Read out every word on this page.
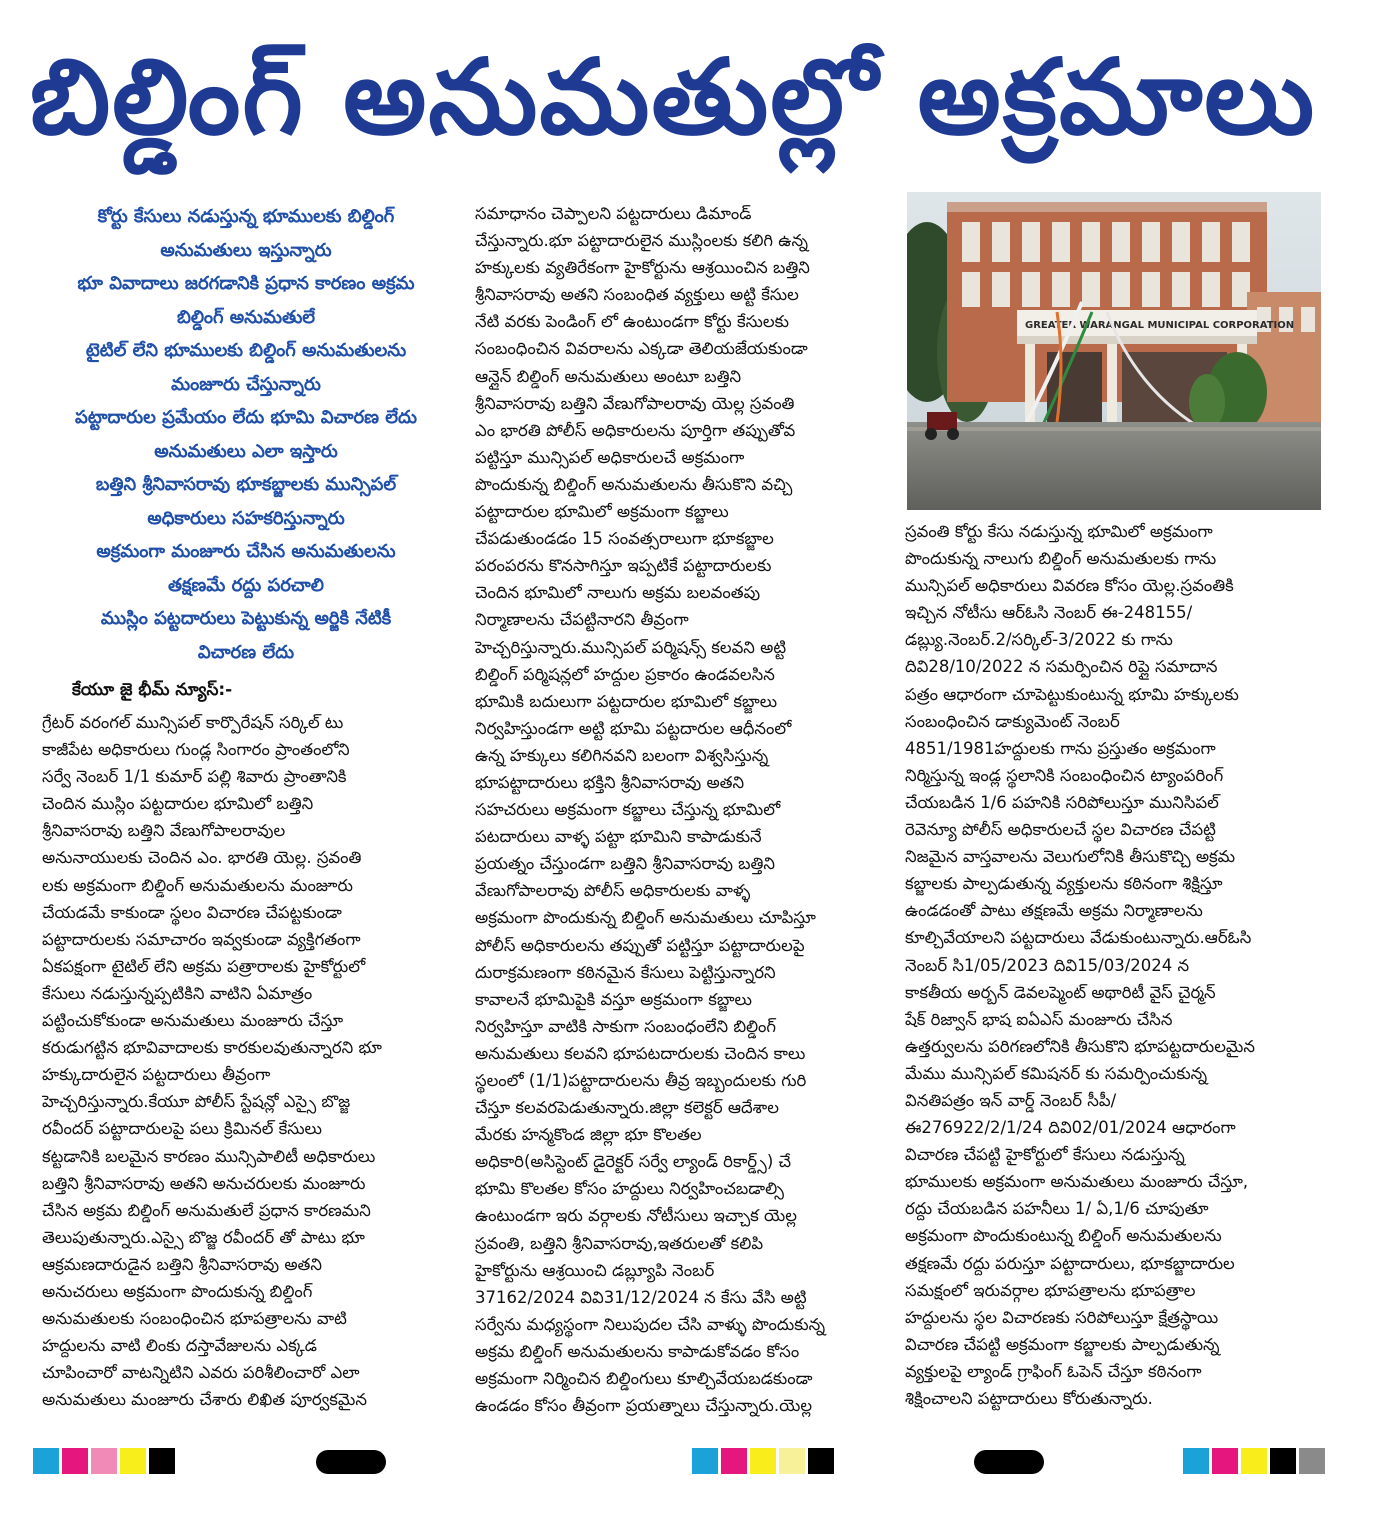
బిల్డింగ్ అనుమతుల్లో అక్రమాలు
కోర్టు కేసులు నడుస్తున్న భూములకు బిల్డింగ్
అనుమతులు ఇస్తున్నారు
భూ వివాదాలు జరగడానికి ప్రధాన కారణం అక్రమ
బిల్డింగ్ అనుమతులే
టైటిల్ లేని భూములకు బిల్డింగ్ అనుమతులను
మంజూరు చేస్తున్నారు
పట్టాదారుల ప్రమేయం లేదు భూమి విచారణ లేదు
అనుమతులు ఎలా ఇస్తారు
బత్తిని శ్రీనివాసరావు భూకబ్జాలకు మున్సిపల్
అధికారులు సహకరిస్తున్నారు
అక్రమంగా మంజూరు చేసిన అనుమతులను
తక్షణమే రద్దు పరచాలి
ముస్లిం పట్టదారులు పెట్టుకున్న అర్జికి నేటికీ
విచారణ లేదు
కేయూ జై భీమ్ న్యూస్:-
గ్రేటర్ వరంగల్ మున్సిపల్ కార్పొరేషన్ సర్కిల్ టు
కాజీపేట అధికారులు గుండ్ల సింగారం ప్రాంతంలోని
సర్వే నెంబర్ 1/1 కుమార్ పల్లి శివారు ప్రాంతానికి
చెందిన ముస్లిం పట్టదారుల భూమిలో బత్తిని
శ్రీనివాసరావు బత్తిని వేణుగోపాలరావుల
అనునాయులకు చెందిన ఎం. భారతి యెల్ల. స్రవంతి
లకు అక్రమంగా బిల్డింగ్ అనుమతులను మంజూరు
చేయడమే కాకుండా స్థలం విచారణ చేపట్టకుండా
పట్టాదారులకు సమాచారం ఇవ్వకుండా వ్యక్తిగతంగా
ఏకపక్షంగా టైటిల్ లేని అక్రమ పత్రారాలకు హైకోర్టులో
కేసులు నడుస్తున్నప్పటికిని వాటిని ఏమాత్రం
పట్టించుకోకుండా అనుమతులు మంజూరు చేస్తూ
కరుడుగట్టిన భూవివాదాలకు కారకులవుతున్నారని భూ
హక్కుదారులైన పట్టదారులు తీవ్రంగా
హెచ్చరిస్తున్నారు.కేయూ పోలీస్ స్టేషన్లో ఎస్సై బొజ్జ
రవీందర్ పట్టాదారులపై పలు క్రిమినల్ కేసులు
కట్టడానికి బలమైన కారణం మున్సిపాలిటీ అధికారులు
బత్తిని శ్రీనివాసరావు అతని అనుచరులకు మంజూరు
చేసిన అక్రమ బిల్డింగ్ అనుమతులే ప్రధాన కారణమని
తెలుపుతున్నారు.ఎస్సై బొజ్జ రవీందర్ తో పాటు భూ
ఆక్రమణదారుడైన బత్తిని శ్రీనివాసరావు అతని
అనుచరులు అక్రమంగా పొందుకున్న బిల్డింగ్
అనుమతులకు సంబంధించిన భూపత్రాలను వాటి
హద్దులను వాటి లింకు దస్తావేజులను ఎక్కడ
చూపించారో వాటన్నిటిని ఎవరు పరిశీలించారో ఎలా
అనుమతులు మంజూరు చేశారు లిఖిత పూర్వకమైన
సమాధానం చెప్పాలని పట్టదారులు డిమాండ్
చేస్తున్నారు.భూ పట్టాదారులైన ముస్లింలకు కలిగి ఉన్న
హక్కులకు వ్యతిరేకంగా హైకోర్టును ఆశ్రయించిన బత్తిని
శ్రీనివాసరావు అతని సంబంధిత వ్యక్తులు అట్టి కేసుల
నేటి వరకు పెండింగ్ లో ఉంటుండగా కోర్టు కేసులకు
సంబంధించిన వివరాలను ఎక్కడా తెలియజేయకుండా
ఆన్లైన్ బిల్డింగ్ అనుమతులు అంటూ బత్తిని
శ్రీనివాసరావు బత్తిని వేణుగోపాలరావు యెల్ల స్రవంతి
ఎం భారతి పోలీస్ అధికారులను పూర్తిగా తప్పుతోవ
పట్టిస్తూ మున్సిపల్ అధికారులచే అక్రమంగా
పొందుకున్న బిల్డింగ్ అనుమతులను తీసుకొని వచ్చి
పట్టాదారుల భూమిలో అక్రమంగా కబ్జాలు
చేపడుతుండడం 15 సంవత్సరాలుగా భూకబ్జాల
పరంపరను కొనసాగిస్తూ ఇప్పటికే పట్టాదారులకు
చెందిన భూమిలో నాలుగు అక్రమ బలవంతపు
నిర్మాణాలను చేపట్టినారని తీవ్రంగా
హెచ్చరిస్తున్నారు.మున్సిపల్ పర్మిషన్స్ కలవని అట్టి
బిల్డింగ్ పర్మిషన్లలో హద్దుల ప్రకారం ఉండవలసిన
భూమికి బదులుగా పట్టదారుల భూమిలో కబ్జాలు
నిర్వహిస్తుండగా అట్టి భూమి పట్టదారుల ఆధీనంలో
ఉన్న హక్కులు కలిగినవని బలంగా విశ్వసిస్తున్న
భూపట్టాదారులు భక్తిని శ్రీనివాసరావు అతని
సహచరులు అక్రమంగా కబ్జాలు చేస్తున్న భూమిలో
పటదారులు వాళ్ళ పట్టా భూమిని కాపాడుకునే
ప్రయత్నం చేస్తుండగా బత్తిని శ్రీనివాసరావు బత్తిని
వేణుగోపాలరావు పోలీస్ అధికారులకు వాళ్ళ
అక్రమంగా పొందుకున్న బిల్డింగ్ అనుమతులు చూపిస్తూ
పోలీస్ అధికారులను తప్పుతో పట్టిస్తూ పట్టాదారులపై
దురాక్రమణంగా కఠినమైన కేసులు పెట్టిస్తున్నారని
కావాలనే భూమిపైకి వస్తూ అక్రమంగా కబ్జాలు
నిర్వహిస్తూ వాటికి సాకుగా సంబంధంలేని బిల్డింగ్
అనుమతులు కలవని భూపటదారులకు చెందిన కాలు
స్థలంలో (1/1)పట్టాదారులను తీవ్ర ఇబ్బందులకు గురి
చేస్తూ కలవరపెడుతున్నారు.జిల్లా కలెక్టర్ ఆదేశాల
మేరకు హన్మకొండ జిల్లా భూ కొలతల
అధికారి(అసిస్టెంట్ డైరెక్టర్ సర్వే ల్యాండ్ రికార్డ్స్) చే
భూమి కొలతల కోసం హద్దులు నిర్వహించబడాల్సి
ఉంటుండగా ఇరు వర్గాలకు నోటీసులు ఇచ్చాక యెల్ల
స్రవంతి, బత్తిని శ్రీనివాసరావు,ఇతరులతో కలిపి
హైకోర్టును ఆశ్రయించి డబ్ల్యూపి నెంబర్
37162/2024 వివి31/12/2024 న కేసు వేసి అట్టి
సర్వేను మధ్యస్థంగా నిలుపుదల చేసి వాళ్ళు పొందుకున్న
అక్రమ బిల్డింగ్ అనుమతులను కాపాడుకోవడం కోసం
అక్రమంగా నిర్మించిన బిల్డింగులు కూల్చివేయబడకుండా
ఉండడం కోసం తీవ్రంగా ప్రయత్నాలు చేస్తున్నారు.యెల్ల
GREATER WARANGAL MUNICIPAL CORPORATION
స్రవంతి కోర్టు కేసు నడుస్తున్న భూమిలో అక్రమంగా
పొందుకున్న నాలుగు బిల్డింగ్ అనుమతులకు గాను
మున్సిపల్ అధికారులు వివరణ కోసం యెల్ల.స్రవంతికి
ఇచ్చిన నోటీసు ఆర్ఓసి నెంబర్ ఈ-248155/
డబ్ల్యు.నెంబర్.2/సర్కిల్-3/2022 కు గాను
దివి28/10/2022 న సమర్పించిన రిప్లై సమాదాన
పత్రం ఆధారంగా చూపెట్టుకుంటున్న భూమి హక్కులకు
సంబంధించిన డాక్యుమెంట్ నెంబర్
4851/1981హద్దులకు గాను ప్రస్తుతం అక్రమంగా
నిర్మిస్తున్న ఇండ్ల స్థలానికి సంబంధించిన ట్యాంపరింగ్
చేయబడిన 1/6 పహనికి సరిపోలుస్తూ మునిసిపల్
రెవెన్యూ పోలీస్ అధికారులచే స్థల విచారణ చేపట్టి
నిజమైన వాస్తవాలను వెలుగులోనికి తీసుకొచ్చి అక్రమ
కబ్జాలకు పాల్పడుతున్న వ్యక్తులను కఠినంగా శిక్షిస్తూ
ఉండడంతో పాటు తక్షణమే అక్రమ నిర్మాణాలను
కూల్చివేయాలని పట్టదారులు వేడుకుంటున్నారు.ఆర్ఓసి
నెంబర్ సి1/05/2023 దివి15/03/2024 న
కాకతీయ అర్బన్ డెవలప్మెంట్ అథారిటీ వైస్ చైర్మన్
షేక్ రిజ్వాన్ భాష ఐఏఎస్ మంజూరు చేసిన
ఉత్తర్వులను పరిగణలోనికి తీసుకొని భూపట్టదారులమైన
మేము మున్సిపల్ కమిషనర్ కు సమర్పించుకున్న
వినతిపత్రం ఇన్ వార్డ్ నెంబర్ సీపీ/
ఈ276922/2/1/24 దివి02/01/2024 ఆధారంగా
విచారణ చేపట్టి హైకోర్టులో కేసులు నడుస్తున్న
భూములకు అక్రమంగా అనుమతులు మంజూరు చేస్తూ,
రద్దు చేయబడిన పహనీలు 1/ ఏ,1/6 చూపుతూ
అక్రమంగా పొందుకుంటున్న బిల్డింగ్ అనుమతులను
తక్షణమే రద్దు పరుస్తూ పట్టాదారులు, భూకబ్జాదారుల
సమక్షంలో ఇరువర్గాల భూపత్రాలను భూపత్రాల
హద్దులను స్థల విచారణకు సరిపోలుస్తూ క్షేత్రస్థాయి
విచారణ చేపట్టి అక్రమంగా కబ్జాలకు పాల్పడుతున్న
వ్యక్తులపై ల్యాండ్ గ్రాఫింగ్ ఓపెన్ చేస్తూ కఠినంగా
శిక్షించాలని పట్టాదారులు కోరుతున్నారు.
